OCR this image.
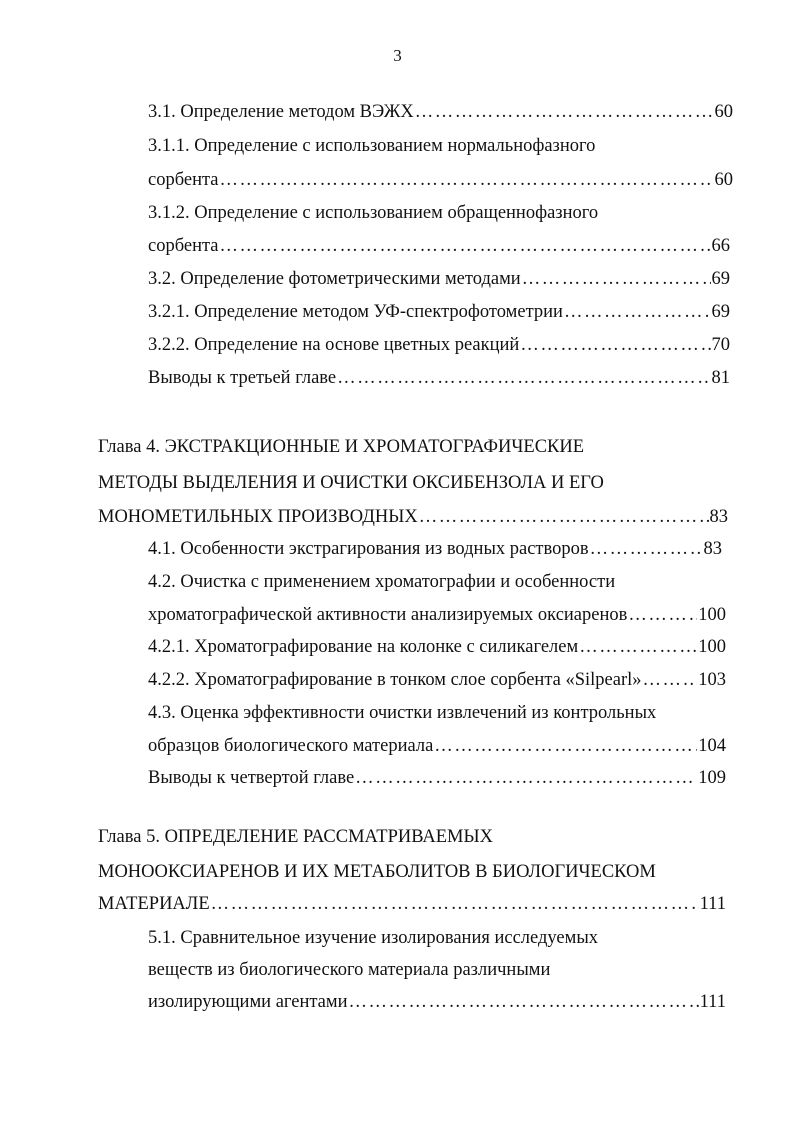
3
3.1. Определение методом ВЭЖХ ……………………………………………………………………………………………………………………………………	60
3.1.1. Определение с использованием нормальнофазного
сорбента ……………………………………………………………………………………………………………………………………	60
3.1.2. Определение с использованием обращеннофазного
сорбента ……………………………………………………………………………………………………………………………………	66
3.2. Определение фотометрическими методами ……………………………………………………………………………………………………………………………………	69
3.2.1. Определение методом УФ-спектрофотометрии ……………………………………………………………………………………………………………………………………	69
3.2.2. Определение на основе цветных реакций ……………………………………………………………………………………………………………………………………	70
Выводы к третьей главе ……………………………………………………………………………………………………………………………………	81
Глава 4. ЭКСТРАКЦИОННЫЕ И ХРОМАТОГРАФИЧЕСКИЕ
МЕТОДЫ ВЫДЕЛЕНИЯ И ОЧИСТКИ ОКСИБЕНЗОЛА И ЕГО
МОНОМЕТИЛЬНЫХ ПРОИЗВОДНЫХ ……………………………………………………………………………………………………………………………………	83
4.1. Особенности экстрагирования из водных растворов ……………………………………………………………………………………………………………………………………	83
4.2. Очистка с применением хроматографии и особенности
хроматографической активности анализируемых оксиаренов ……………………………………………………………………………………………………………………………………	100
4.2.1. Хроматографирование на колонке с силикагелем ……………………………………………………………………………………………………………………………………	100
4.2.2. Хроматографирование в тонком слое сорбента «Silpearl» ……………………………………………………………………………………………………………………………………	103
4.3. Оценка эффективности очистки извлечений из контрольных
образцов биологического материала ……………………………………………………………………………………………………………………………………	104
Выводы к четвертой главе ……………………………………………………………………………………………………………………………………	109
Глава 5. ОПРЕДЕЛЕНИЕ РАССМАТРИВАЕМЫХ
МОНООКСИАРЕНОВ И ИХ МЕТАБОЛИТОВ В БИОЛОГИЧЕСКОМ
МАТЕРИАЛЕ ……………………………………………………………………………………………………………………………………	111
5.1. Сравнительное изучение изолирования исследуемых
веществ из биологического материала различными
изолирующими агентами ……………………………………………………………………………………………………………………………………	111
